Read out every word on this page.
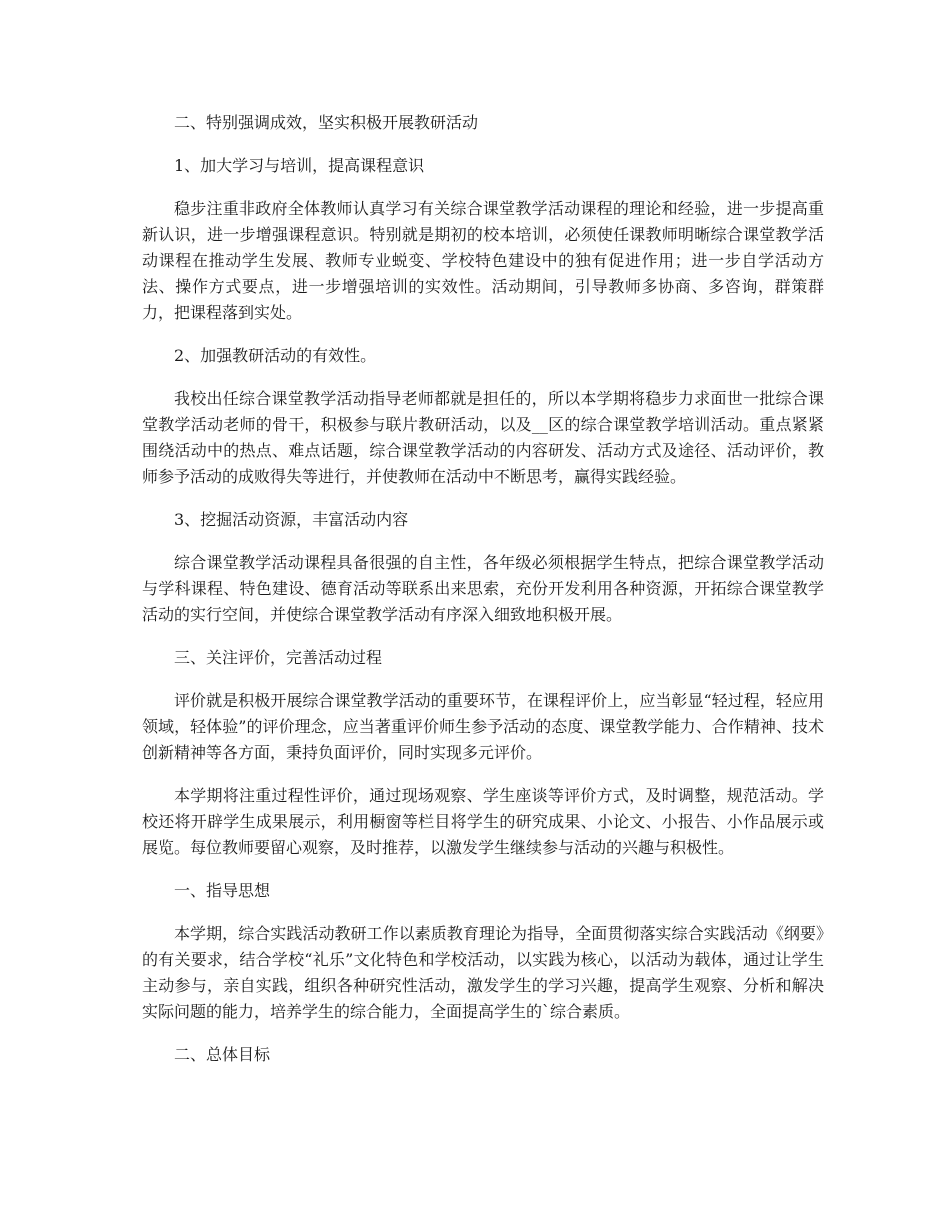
二、特别强调成效，坚实积极开展教研活动

1、加大学习与培训，提高课程意识

稳步注重非政府全体教师认真学习有关综合课堂教学活动课程的理论和经验，进一步提高重新认识，进一步增强课程意识。特别就是期初的校本培训，必须使任课教师明晰综合课堂教学活动课程在推动学生发展、教师专业蜕变、学校特色建设中的独有促进作用；进一步自学活动方法、操作方式要点，进一步增强培训的实效性。活动期间，引导教师多协商、多咨询，群策群力，把课程落到实处。

2、加强教研活动的有效性。

我校出任综合课堂教学活动指导老师都就是担任的，所以本学期将稳步力求面世一批综合课堂教学活动老师的骨干，积极参与联片教研活动，以及__区的综合课堂教学培训活动。重点紧紧围绕活动中的热点、难点话题，综合课堂教学活动的内容研发、活动方式及途径、活动评价，教师参予活动的成败得失等进行，并使教师在活动中不断思考，赢得实践经验。

3、挖掘活动资源，丰富活动内容

综合课堂教学活动课程具备很强的自主性，各年级必须根据学生特点，把综合课堂教学活动与学科课程、特色建设、德育活动等联系出来思索，充份开发利用各种资源，开拓综合课堂教学活动的实行空间，并使综合课堂教学活动有序深入细致地积极开展。

三、关注评价，完善活动过程

评价就是积极开展综合课堂教学活动的重要环节，在课程评价上，应当彰显“轻过程，轻应用领域，轻体验”的评价理念，应当著重评价师生参予活动的态度、课堂教学能力、合作精神、技术创新精神等各方面，秉持负面评价，同时实现多元评价。

本学期将注重过程性评价，通过现场观察、学生座谈等评价方式，及时调整，规范活动。学校还将开辟学生成果展示，利用橱窗等栏目将学生的研究成果、小论文、小报告、小作品展示或展览。每位教师要留心观察，及时推荐，以激发学生继续参与活动的兴趣与积极性。

一、指导思想

本学期，综合实践活动教研工作以素质教育理论为指导，全面贯彻落实综合实践活动《纲要》的有关要求，结合学校“礼乐”文化特色和学校活动，以实践为核心，以活动为载体，通过让学生主动参与，亲自实践，组织各种研究性活动，激发学生的学习兴趣，提高学生观察、分析和解决实际问题的能力，培养学生的综合能力，全面提高学生的`综合素质。

二、总体目标
